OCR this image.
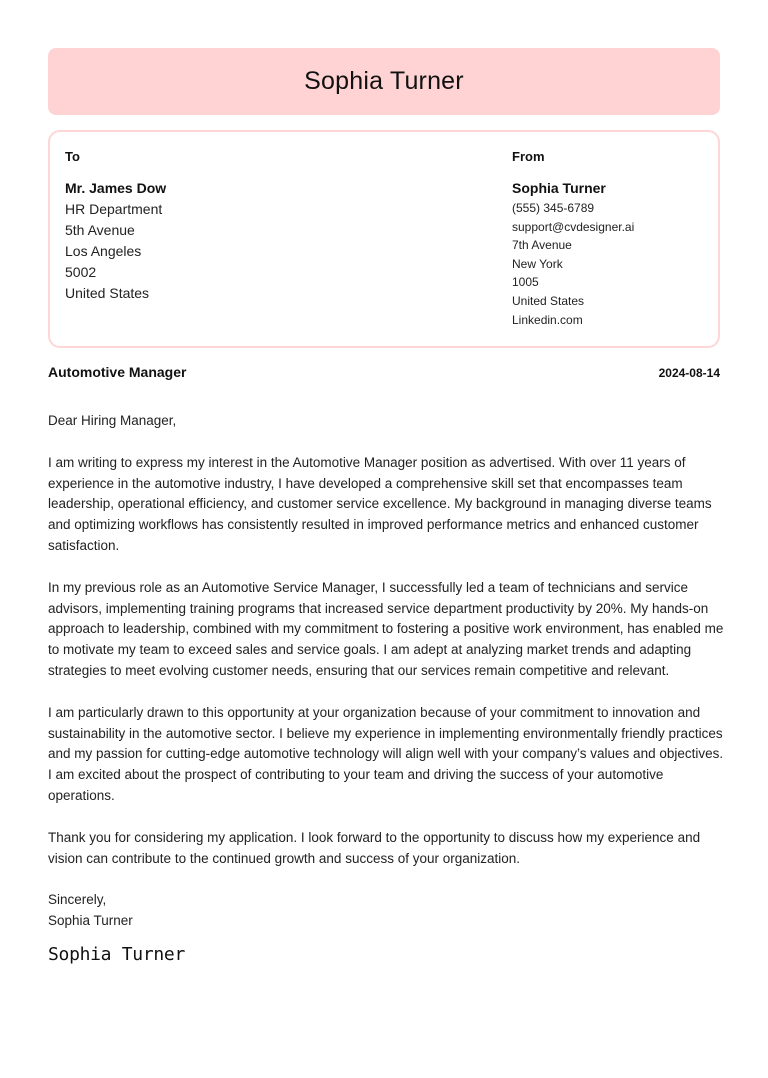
Sophia Turner
To
Mr. James Dow
HR Department
5th Avenue
Los Angeles
5002
United States
From
Sophia Turner
(555) 345-6789
support@cvdesigner.ai
7th Avenue
New York
1005
United States
Linkedin.com
Automotive Manager	2024-08-14

Dear Hiring Manager,

I am writing to express my interest in the Automotive Manager position as advertised. With over 11 years of experience in the automotive industry, I have developed a comprehensive skill set that encompasses team leadership, operational efficiency, and customer service excellence. My background in managing diverse teams and optimizing workflows has consistently resulted in improved performance metrics and enhanced customer satisfaction.

In my previous role as an Automotive Service Manager, I successfully led a team of technicians and service advisors, implementing training programs that increased service department productivity by 20%. My hands-on approach to leadership, combined with my commitment to fostering a positive work environment, has enabled me to motivate my team to exceed sales and service goals. I am adept at analyzing market trends and adapting strategies to meet evolving customer needs, ensuring that our services remain competitive and relevant.

I am particularly drawn to this opportunity at your organization because of your commitment to innovation and sustainability in the automotive sector. I believe my experience in implementing environmentally friendly practices and my passion for cutting-edge automotive technology will align well with your company’s values and objectives. I am excited about the prospect of contributing to your team and driving the success of your automotive operations.

Thank you for considering my application. I look forward to the opportunity to discuss how my experience and vision can contribute to the continued growth and success of your organization.

Sincerely,
Sophia Turner
Sophia Turner
